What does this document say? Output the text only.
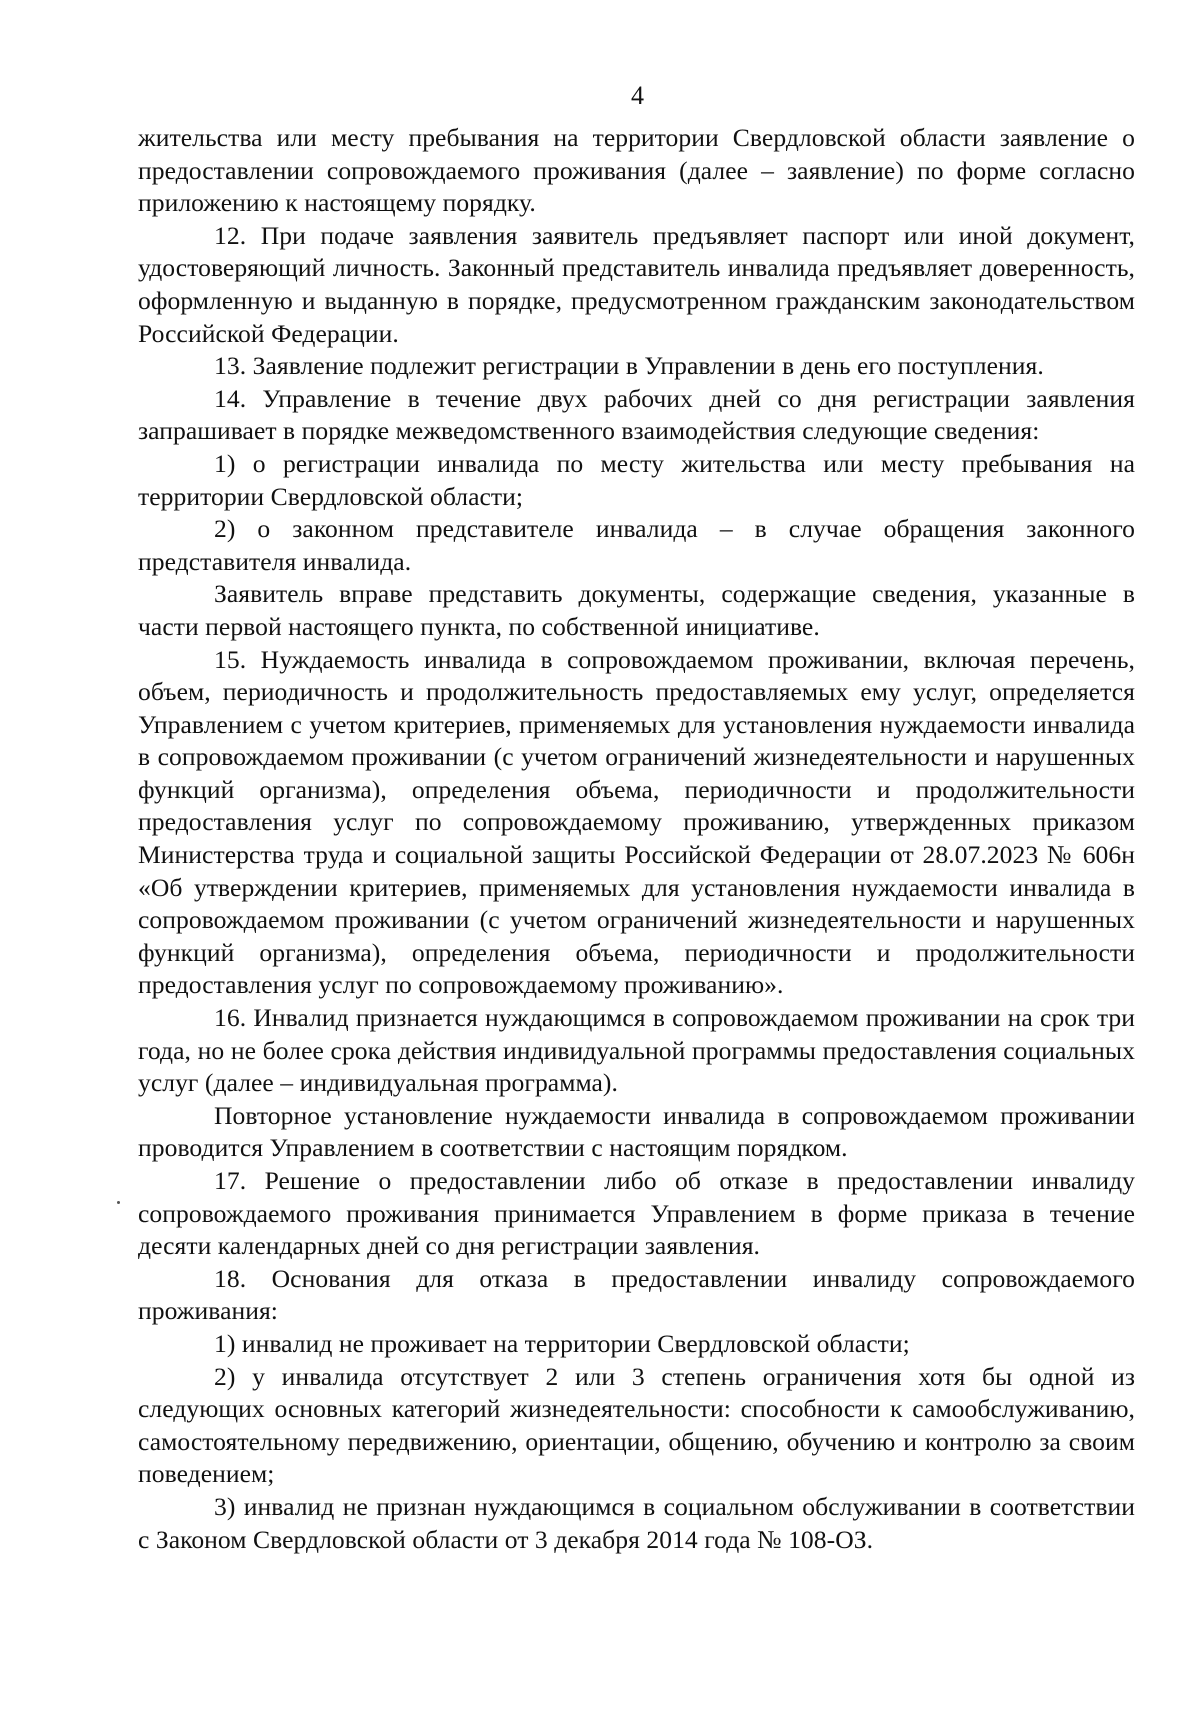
4

жительства или месту пребывания на территории Свердловской области заявление о предоставлении сопровождаемого проживания (далее – заявление) по форме согласно приложению к настоящему порядку.

12. При подаче заявления заявитель предъявляет паспорт или иной документ, удостоверяющий личность. Законный представитель инвалида предъявляет доверенность, оформленную и выданную в порядке, предусмотренном гражданским законодательством Российской Федерации.

13. Заявление подлежит регистрации в Управлении в день его поступления.

14. Управление в течение двух рабочих дней со дня регистрации заявления запрашивает в порядке межведомственного взаимодействия следующие сведения:

1) о регистрации инвалида по месту жительства или месту пребывания на территории Свердловской области;

2) о законном представителе инвалида – в случае обращения законного представителя инвалида.

Заявитель вправе представить документы, содержащие сведения, указанные в части первой настоящего пункта, по собственной инициативе.

15. Нуждаемость инвалида в сопровождаемом проживании, включая перечень, объем, периодичность и продолжительность предоставляемых ему услуг, определяется Управлением с учетом критериев, применяемых для установления нуждаемости инвалида в сопровождаемом проживании (с учетом ограничений жизнедеятельности и нарушенных функций организма), определения объема, периодичности и продолжительности предоставления услуг по сопровождаемому проживанию, утвержденных приказом Министерства труда и социальной защиты Российской Федерации от 28.07.2023 № 606н «Об утверждении критериев, применяемых для установления нуждаемости инвалида в сопровождаемом проживании (с учетом ограничений жизнедеятельности и нарушенных функций организма), определения объема, периодичности и продолжительности предоставления услуг по сопровождаемому проживанию».

16. Инвалид признается нуждающимся в сопровождаемом проживании на срок три года, но не более срока действия индивидуальной программы предоставления социальных услуг (далее – индивидуальная программа).

Повторное установление нуждаемости инвалида в сопровождаемом проживании проводится Управлением в соответствии с настоящим порядком.

17. Решение о предоставлении либо об отказе в предоставлении инвалиду сопровождаемого проживания принимается Управлением в форме приказа в течение десяти календарных дней со дня регистрации заявления.

18. Основания для отказа в предоставлении инвалиду сопровождаемого проживания:

1) инвалид не проживает на территории Свердловской области;

2) у инвалида отсутствует 2 или 3 степень ограничения хотя бы одной из следующих основных категорий жизнедеятельности: способности к самообслуживанию, самостоятельному передвижению, ориентации, общению, обучению и контролю за своим поведением;

3) инвалид не признан нуждающимся в социальном обслуживании в соответствии с Законом Свердловской области от 3 декабря 2014 года № 108-ОЗ.
